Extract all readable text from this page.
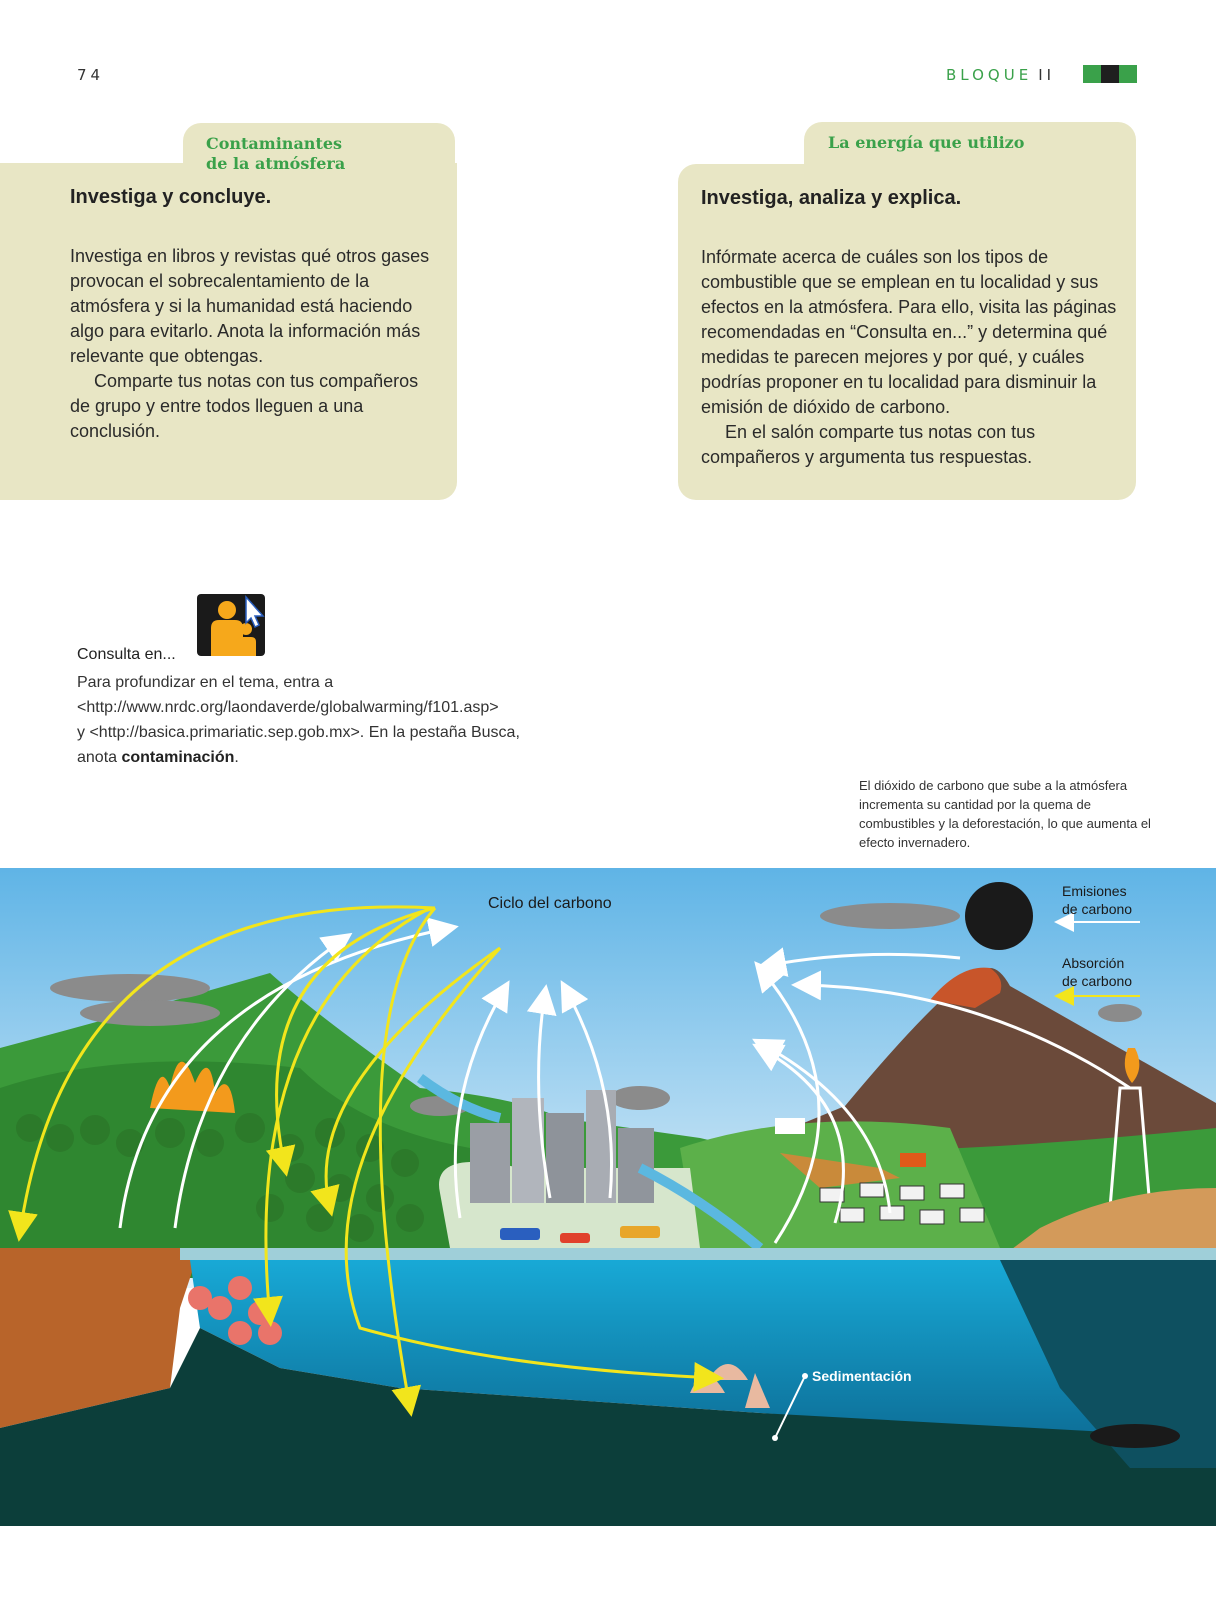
74	BLOQUE II
Contaminantes
de la atmósfera
Investiga y concluye.

Investiga en libros y revistas qué otros gases provocan el sobrecalentamiento de la atmósfera y si la humanidad está haciendo algo para evitarlo. Anota la información más relevante que obtengas.

Comparte tus notas con tus compañeros de grupo y entre todos lleguen a una conclusión.

La energía que utilizo
Investiga, analiza y explica.

Infórmate acerca de cuáles son los tipos de combustible que se emplean en tu localidad y sus efectos en la atmósfera. Para ello, visita las páginas recomendadas en “Consulta en...” y determina qué medidas te parecen mejores y por qué, y cuáles podrías proponer en tu localidad para disminuir la emisión de dióxido de carbono.

En el salón comparte tus notas con tus compañeros y argumenta tus respuestas.

Consulta en...
Para profundizar en el tema, entra a
<http://www.nrdc.org/laondaverde/globalwarming/f101.asp>
y <http://basica.primariatic.sep.gob.mx>. En la pestaña Busca,
anota contaminación.
El dióxido de carbono que sube a la atmósfera incrementa su cantidad por la quema de combustibles y la deforestación, lo que aumenta el efecto invernadero.
Ciclo del carbono
Emisiones
de carbono
Absorción
de carbono
Sedimentación
